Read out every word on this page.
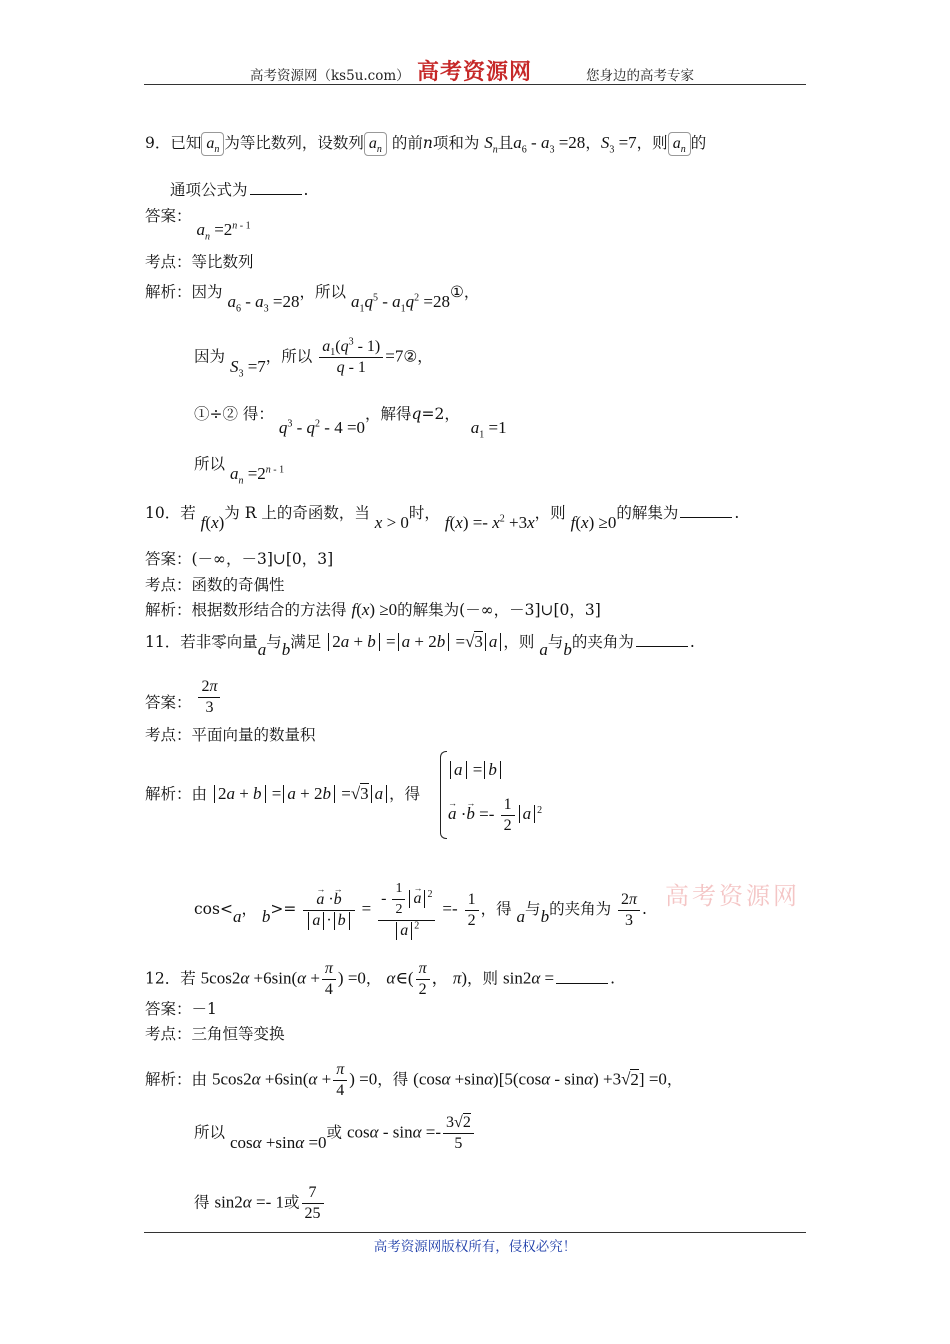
高考资源网（ks5u.com） 高考资源网	您身边的高考专家
9．已知 $a_n$ 为等比数列，设数列 $a_n$ 的前n项和为 $S_n$且$a_6 - a_3 =28$，$S_3 =7$，则 $a_n$ 的
通项公式为	.
答案： $a_n =2^{n - 1}$
考点：等比数列
解析：因为 $a_6 - a_3 =28$，所以 $a_1q^5 - a_1q^2$ =28①，
因为 $S_3 =7$，所以 $\frac{a_1(q^3 - 1)}{q - 1}$ =7②，
①÷② 得： $q^3 - q^2 - 4 =0$，解得q=2， $a_1 =1$
所以 $a_n =2^{n - 1}$
10．若 f(x)为 R 上的奇函数，当 x > 0时， $f(x) =- x^2 +3x$，则 f(x) ≥0的解集为	.
答案：(－∞，－3]∪[0，3]
考点：函数的奇偶性
解析：根据数形结合的方法得 f(x) ≥0的解集为(－∞，－3]∪[0，3]
11．若非零向量a与b满足 2a + b = a + 2b =√3 a ，则 a与b的夹角为	.
答案： $\frac{2\pi}{3}$
考点：平面向量的数量积
解析：由 2a + b = a + 2b =√3 a ，得
a = b
→ $a \cdot\to b =- \frac{1}{2}$ a $^2$
cos<a， b>=
→ $\frac{a \cdot\to b}{a \cdot b}$ = - $\frac{1}{2}$
→ a $^2$
a $^2 =- \frac{1}{2}$ ，得 a与b的夹角为 $\frac{2\pi}{3}$ . 高考资源网
12．若 $5\cos 2\alpha +6\sin(\alpha + \frac{\pi}{4}$ ) =0， α∈( $\frac{\pi}{2}$ ， π)，则 sin2α =	.
答案：－1
考点：三角恒等变换
解析：由 $5\cos 2\alpha +6\sin(\alpha + \frac{\pi}{4}$ ) =0，得 (cosα +sinα)[5(cosα - sinα) +3√2] =0，
所以 cosα +sinα =0或 $\cos\alpha - \sin\alpha =- \frac{3√2}{5}$
得 sin2α =- 1或 $\frac{7}{25}$
高考资源网版权所有，侵权必究！
